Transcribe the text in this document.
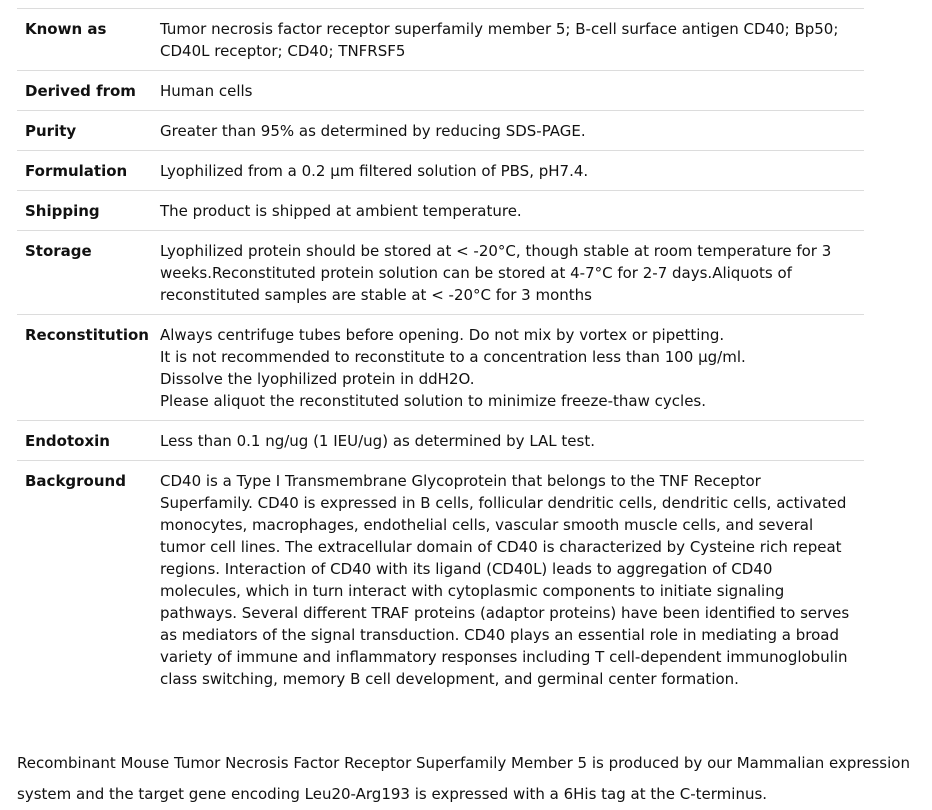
Known as	Tumor necrosis factor receptor superfamily member 5; B-cell surface antigen CD40; Bp50; CD40L receptor; CD40; TNFRSF5
Derived from	Human cells
Purity	Greater than 95% as determined by reducing SDS-PAGE.
Formulation	Lyophilized from a 0.2 μm filtered solution of PBS, pH7.4.
Shipping	The product is shipped at ambient temperature.
Storage	Lyophilized protein should be stored at < -20°C, though stable at room temperature for 3 weeks.Reconstituted protein solution can be stored at 4-7°C for 2-7 days.Aliquots of reconstituted samples are stable at < -20°C for 3 months
Reconstitution	Always centrifuge tubes before opening. Do not mix by vortex or pipetting.
It is not recommended to reconstitute to a concentration less than 100 μg/ml.
Dissolve the lyophilized protein in ddH2O.
Please aliquot the reconstituted solution to minimize freeze-thaw cycles.

Endotoxin	Less than 0.1 ng/ug (1 IEU/ug) as determined by LAL test.
Background	CD40 is a Type I Transmembrane Glycoprotein that belongs to the TNF Receptor Superfamily. CD40 is expressed in B cells, follicular dendritic cells, dendritic cells, activated monocytes, macrophages, endothelial cells, vascular smooth muscle cells, and several tumor cell lines. The extracellular domain of CD40 is characterized by Cysteine rich repeat regions. Interaction of CD40 with its ligand (CD40L) leads to aggregation of CD40 molecules, which in turn interact with cytoplasmic components to initiate signaling pathways. Several different TRAF proteins (adaptor proteins) have been identified to serves as mediators of the signal transduction. CD40 plays an essential role in mediating a broad variety of immune and inflammatory responses including T cell-dependent immunoglobulin class switching, memory B cell development, and germinal center formation.

Recombinant Mouse Tumor Necrosis Factor Receptor Superfamily Member 5 is produced by our Mammalian expression system and the target gene encoding Leu20-Arg193 is expressed with a 6His tag at the C-terminus.
